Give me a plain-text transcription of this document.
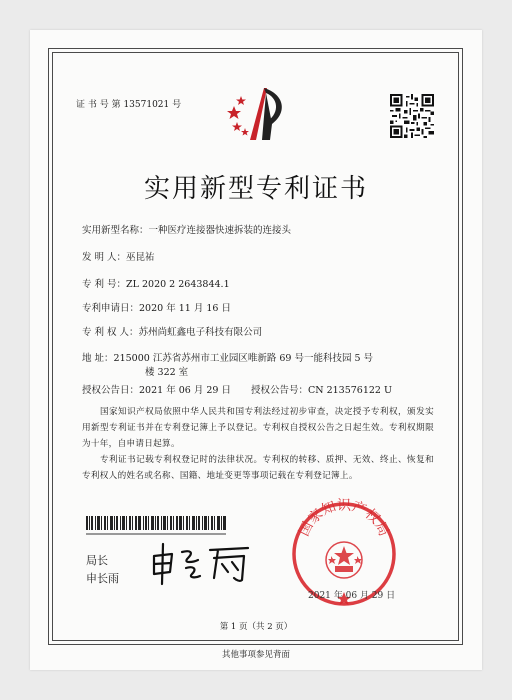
证 书 号 第 13571021 号
实用新型专利证书
实用新型名称：一种医疗连接器快速拆装的连接头
发 明 人：巫昆祐
专 利 号：ZL 2020 2 2643844.1
专利申请日：2020 年 11 月 16 日
专 利 权 人：苏州尚虹鑫电子科技有限公司
地 址：215000 江苏省苏州市工业园区唯新路 69 号一能科技园 5 号
楼 322 室
授权公告日：2021 年 06 月 29 日 授权公告号：CN 213576122 U
国家知识产权局依照中华人民共和国专利法经过初步审查，决定授予专利权，颁发实用新型专利证书并在专利登记簿上予以登记。专利权自授权公告之日起生效。专利权期限为十年，自申请日起算。
专利证书记载专利权登记时的法律状况。专利权的转移、质押、无效、终止、恢复和专利权人的姓名或名称、国籍、地址变更等事项记载在专利登记簿上。
局长
申长雨
国家知识产权局
2021 年 06 月 29 日
第 1 页（共 2 页）
其他事项参见背面
